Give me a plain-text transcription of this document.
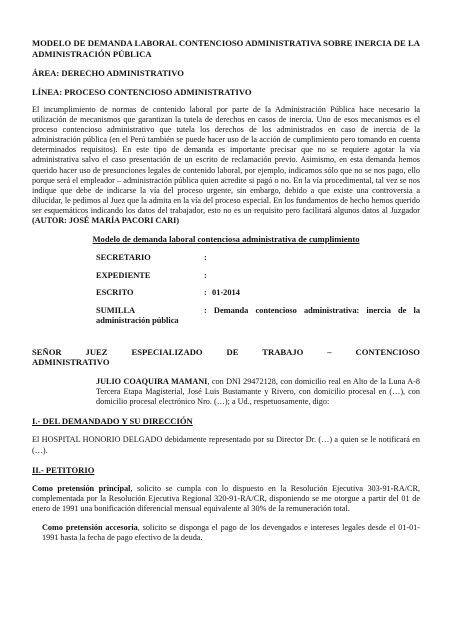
MODELO DE DEMANDA LABORAL CONTENCIOSO ADMINISTRATIVA SOBRE INERCIA DE LA ADMINISTRACIÓN PÚBLICA
ÁREA: DERECHO ADMINISTRATIVO
LÍNEA: PROCESO CONTENCIOSO ADMINISTRATIVO
El incumplimiento de normas de contenido laboral por parte de la Administración Pública hace necesario la utilización de mecanismos que garantizan la tutela de derechos en casos de inercia. Uno de esos mecanismos es el proceso contencioso administrativo que tutela los derechos de los administrados en caso de inercia de la administración pública (en el Perú también se puede hacer uso de la acción de cumplimiento pero tomando en cuenta determinados requisitos). En este tipo de demanda es importante precisar que no se requiere agotar la vía administrativa salvo el caso presentación de un escrito de reclamación previo. Asimismo, en esta demanda hemos querido hacer uso de presunciones legales de contenido laboral, por ejemplo, indicamos sólo que no se nos pago, ello porque será el empleador – administración pública quien acredite si pagó o no. En la vía procedimental, tal vez se nos indique que debe de indicarse la vía del proceso urgente, sin embargo, debido a que existe una controversia a dilucidar, le pedimos al Juez que la admita en la vía del proceso especial. En los fundamentos de hecho hemos querido ser esquemáticos indicando los datos del trabajador, esto no es un requisito pero facilitará algunos datos al Juzgador (AUTOR: JOSÉ MARÍA PACORI CARI)
Modelo de demanda laboral contenciosa administrativa de cumplimiento
SECRETARIO	:
EXPEDIENTE	:
ESCRITO	: 01-2014
SUMILLA	: Demanda contencioso administrativa: inercia de la administración pública
SEÑOR JUEZ ESPECIALIZADO DE TRABAJO – CONTENCIOSO ADMINISTRATIVO
JULIO COAQUIRA MAMANI, con DNI 29472128, con domicilio real en Alto de la Luna A-8 Tercera Etapa Magisterial, José Luis Bustamante y Rivero, con domicilio procesal en (…), con domicilio procesal electrónico Nro. (…); a Ud., respetuosamente, digo:
I.- DEL DEMANDADO Y SU DIRECCIÓN
El HOSPITAL HONORIO DELGADO debidamente representado por su Director Dr. (…) a quien se le notificará en (…).
II.- PETITORIO
Como pretensión principal, solicito se cumpla con lo dispuesto en la Resolución Ejecutiva 303-91-RA/CR, complementada por la Resolución Ejecutiva Regional 320-91-RA/CR, disponiendo se me otorgue a partir del 01 de enero de 1991 una bonificación diferencial mensual equivalente al 30% de la remuneración total.
Como pretensión accesoria, solicito se disponga el pago de los devengados e intereses legales desde el 01-01-1991 hasta la fecha de pago efectivo de la deuda.
